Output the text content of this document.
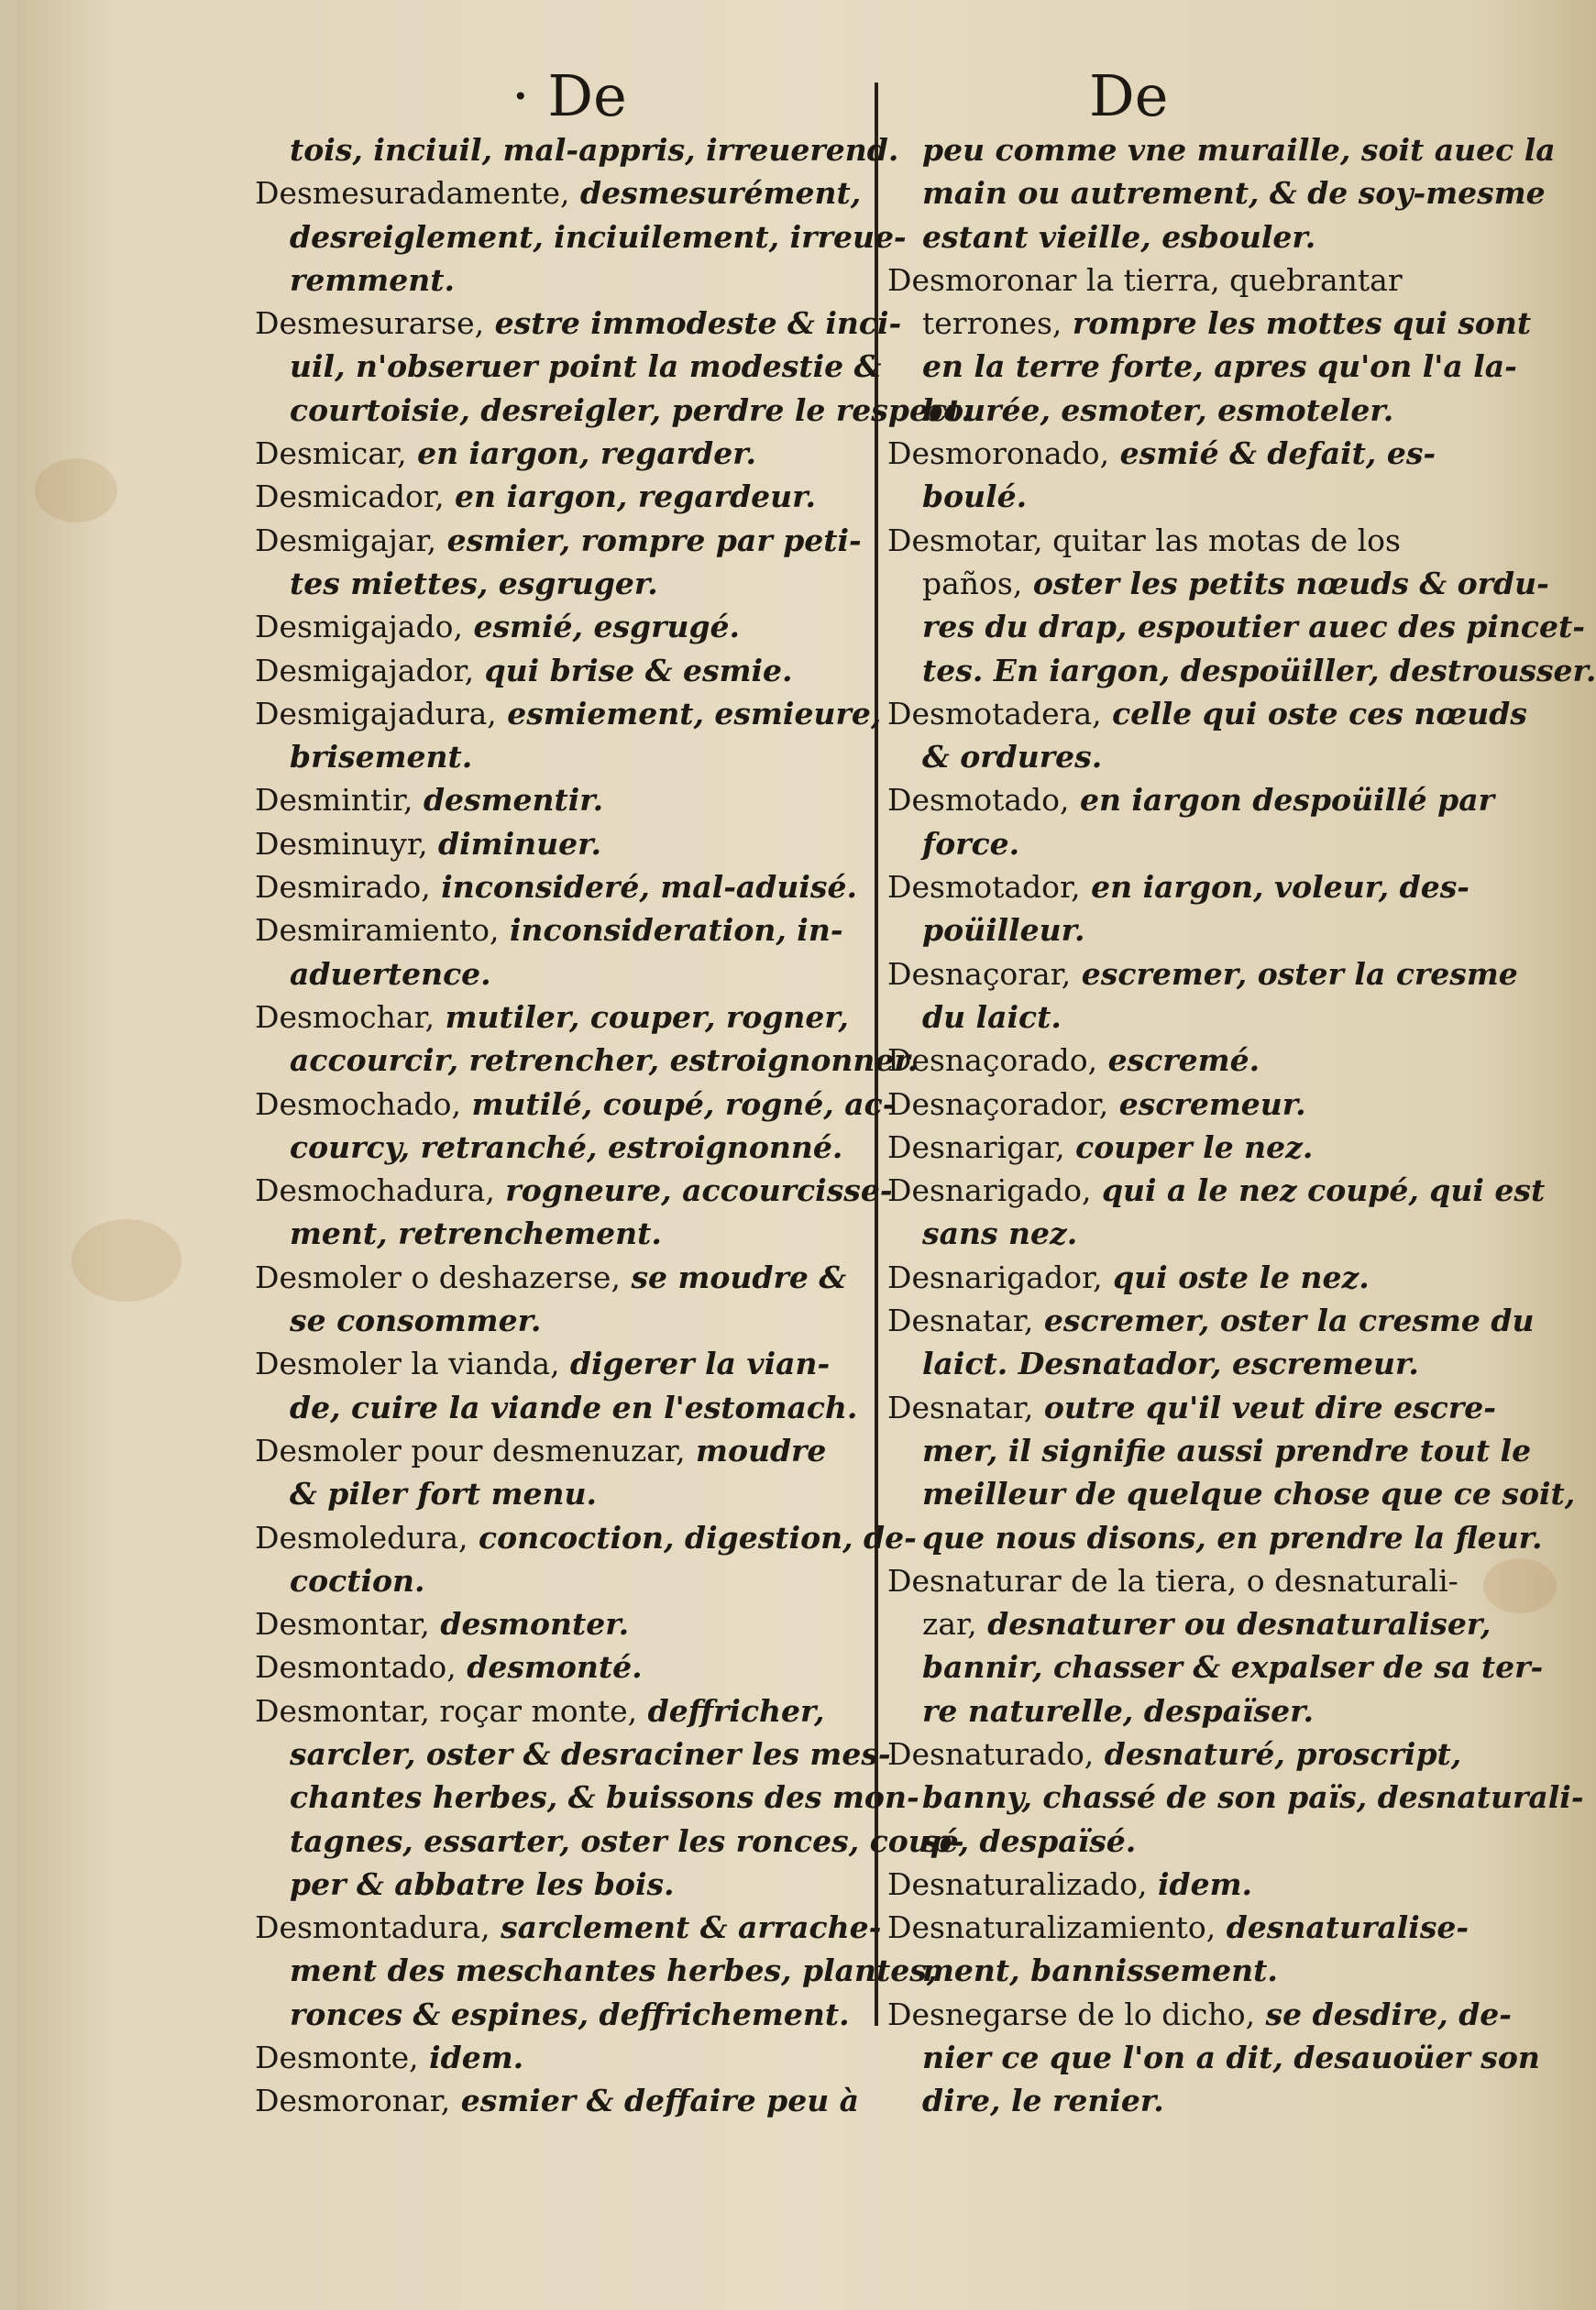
· De	De
tois, inciuil, mal-appris, irreuerend.
Desmesuradamente, desmesurément,
desreiglement, inciuilement, irreue-
remment.
Desmesurarse, estre immodeste & inci-
uil, n'obseruer point la modestie &
courtoisie, desreigler, perdre le respect.
Desmicar, en iargon, regarder.
Desmicador, en iargon, regardeur.
Desmigajar, esmier, rompre par peti-
tes miettes, esgruger.
Desmigajado, esmié, esgrugé.
Desmigajador, qui brise & esmie.
Desmigajadura, esmiement, esmieure,
brisement.
Desmintir, desmentir.
Desminuyr, diminuer.
Desmirado, inconsideré, mal-aduisé.
Desmiramiento, inconsideration, in-
aduertence.
Desmochar, mutiler, couper, rogner,
accourcir, retrencher, estroignonner.
Desmochado, mutilé, coupé, rogné, ac-
courcy, retranché, estroignonné.
Desmochadura, rogneure, accourcisse-
ment, retrenchement.
Desmoler o deshazerse, se moudre &
se consommer.
Desmoler la vianda, digerer la vian-
de, cuire la viande en l'estomach.
Desmoler pour desmenuzar, moudre
& piler fort menu.
Desmoledura, concoction, digestion, de-
coction.
Desmontar, desmonter.
Desmontado, desmonté.
Desmontar, roçar monte, deffricher,
sarcler, oster & desraciner les mes-
chantes herbes, & buissons des mon-
tagnes, essarter, oster les ronces, coup-
per & abbatre les bois.
Desmontadura, sarclement & arrache-
ment des meschantes herbes, plantes,
ronces & espines, deffrichement.
Desmonte, idem.
Desmoronar, esmier & deffaire peu à
peu comme vne muraille, soit auec la
main ou autrement, & de soy-mesme
estant vieille, esbouler.
Desmoronar la tierra, quebrantar
terrones, rompre les mottes qui sont
en la terre forte, apres qu'on l'a la-
bourée, esmoter, esmoteler.
Desmoronado, esmié & defait, es-
boulé.
Desmotar, quitar las motas de los
paños, oster les petits nœuds & ordu-
res du drap, espoutier auec des pincet-
tes. En iargon, despoüiller, destrousser.
Desmotadera, celle qui oste ces nœuds
& ordures.
Desmotado, en iargon despoüillé par
force.
Desmotador, en iargon, voleur, des-
poüilleur.
Desnaçorar, escremer, oster la cresme
du laict.
Desnaçorado, escremé.
Desnaçorador, escremeur.
Desnarigar, couper le nez.
Desnarigado, qui a le nez coupé, qui est
sans nez.
Desnarigador, qui oste le nez.
Desnatar, escremer, oster la cresme du
laict. Desnatador, escremeur.
Desnatar, outre qu'il veut dire escre-
mer, il signifie aussi prendre tout le
meilleur de quelque chose que ce soit,
que nous disons, en prendre la fleur.
Desnaturar de la tiera, o desnaturali-
zar, desnaturer ou desnaturaliser,
bannir, chasser & expalser de sa ter-
re naturelle, despaïser.
Desnaturado, desnaturé, proscript,
banny, chassé de son païs, desnaturali-
sé, despaïsé.
Desnaturalizado, idem.
Desnaturalizamiento, desnaturalise-
ment, bannissement.
Desnegarse de lo dicho, se desdire, de-
nier ce que l'on a dit, desauoüer son
dire, le renier.
